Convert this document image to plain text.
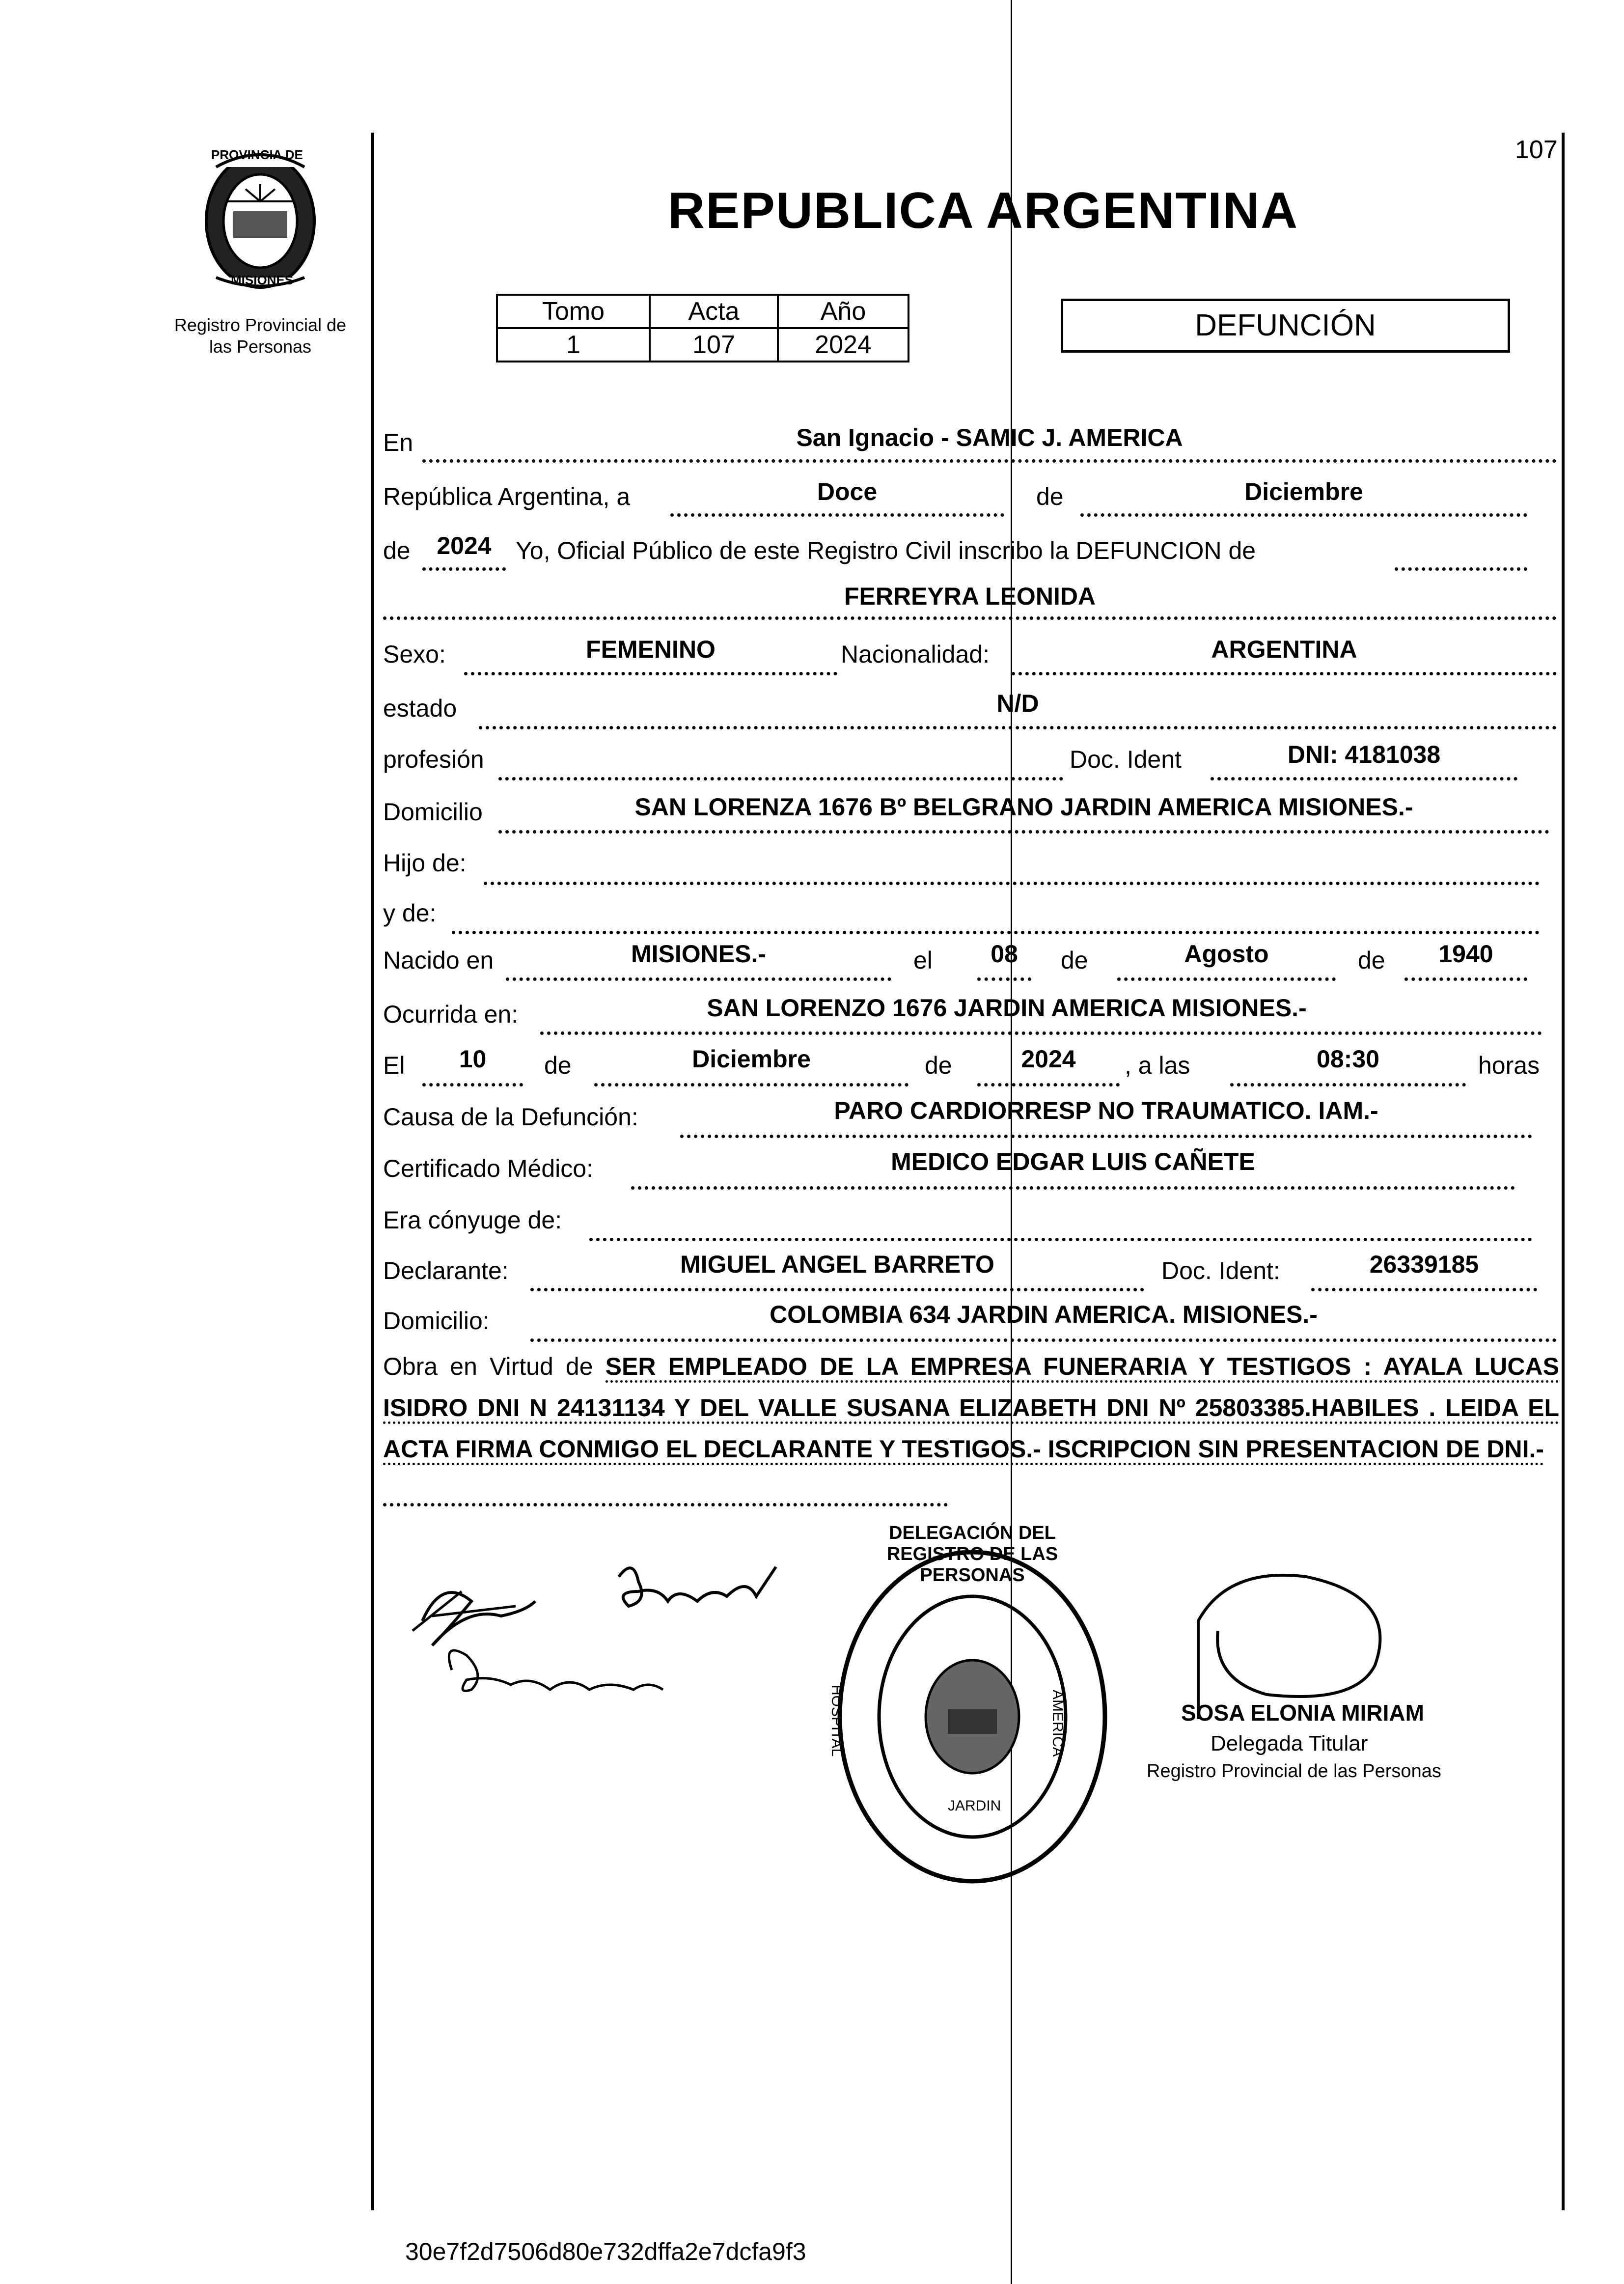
PROVINCIA DE
MISIONES
Registro Provincial de las Personas
107
REPUBLICA ARGENTINA
Tomo	Acta	Año
1	107	2024
DEFUNCIÓN
En	San Ignacio - SAMIC J. AMERICA
República Argentina, a	Doce	de	Diciembre
de	2024 Yo, Oficial Público de este Registro Civil inscribo la DEFUNCION de
FERREYRA LEONIDA
Sexo:	FEMENINO	Nacionalidad:	ARGENTINA
estado	N/D
profesión	Doc. Ident	DNI: 4181038
Domicilio	SAN LORENZA 1676 Bº BELGRANO JARDIN AMERICA MISIONES.-
Hijo de:
y de:
Nacido en	MISIONES.-	el	08	de	Agosto	de	1940
Ocurrida en:	SAN LORENZO 1676 JARDIN AMERICA MISIONES.-
El	10	de	Diciembre	de	2024	, a las	08:30	horas
Causa de la Defunción:	PARO CARDIORRESP NO TRAUMATICO. IAM.-
Certificado Médico:	MEDICO EDGAR LUIS CAÑETE
Era cónyuge de:
Declarante:	MIGUEL ANGEL BARRETO	Doc. Ident:	26339185
Domicilio:	COLOMBIA 634 JARDIN AMERICA. MISIONES.-
Obra en Virtud de SER EMPLEADO DE LA EMPRESA FUNERARIA Y TESTIGOS : AYALA LUCAS ISIDRO DNI N 24131134 Y DEL VALLE SUSANA ELIZABETH DNI Nº 25803385.HABILES . LEIDA EL ACTA FIRMA CONMIGO EL DECLARANTE Y TESTIGOS.- ISCRIPCION SIN PRESENTACION DE DNI.-
DELEGACIÓN DEL REGISTRO DE LAS PERSONAS
HOSPITAL
JARDIN
AMERICA	SOSA ELONIA MIRIAM
Delegada Titular
Registro Provincial de las Personas
30e7f2d7506d80e732dffa2e7dcfa9f3
